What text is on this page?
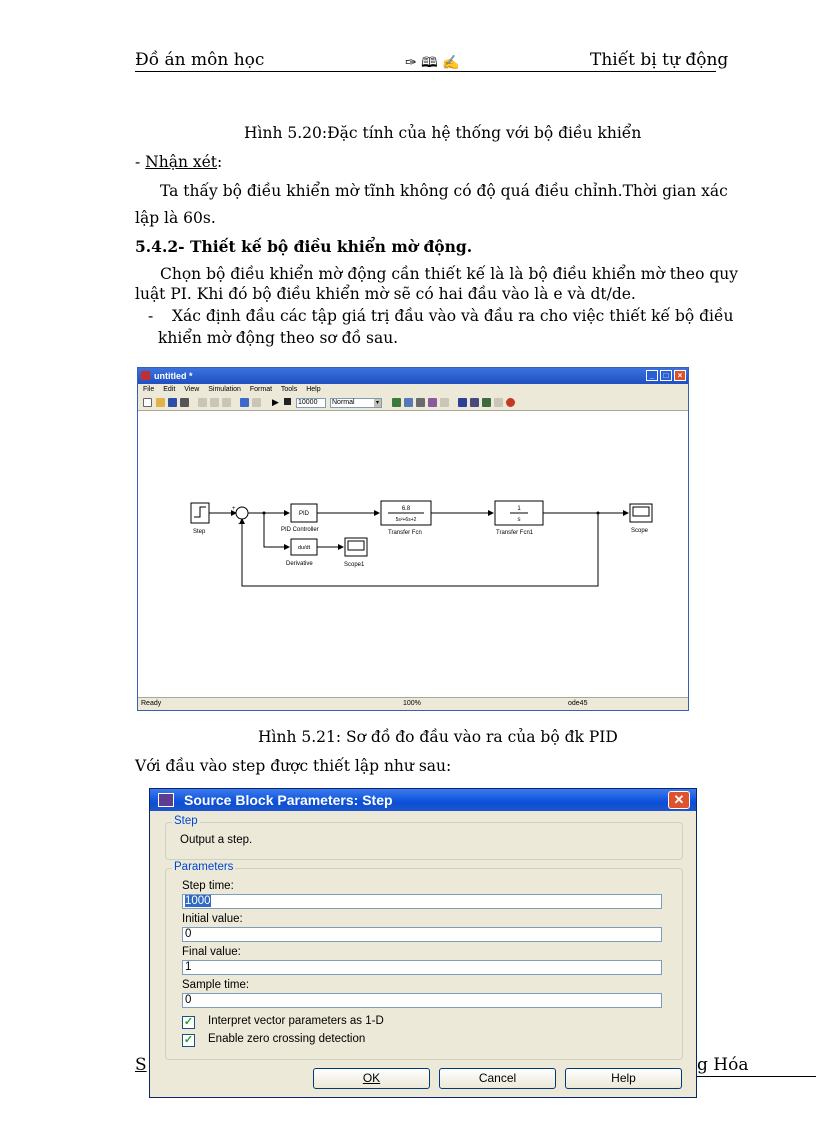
Đồ án môn học	✑ 🕮 ✍	Thiết bị tự động
Hình 5.20:Đặc tính của hệ thống với bộ điều khiển
- Nhận xét:
Ta thấy bộ điều khiển mờ tĩnh không có độ quá điều chỉnh.Thời gian xác
lập là 60s.
5.4.2- Thiết kế bộ điều khiển mờ động.
Chọn bộ điều khiển mờ động cần thiết kế là là bộ điều khiển mờ theo quy
luật PI. Khi đó bộ điều khiển mờ sẽ có hai đầu vào là e và dt/de.
- Xác định đầu các tập giá trị đầu vào và đầu ra cho việc thiết kế bộ điều
khiển mờ động theo sơ đồ sau.
untitled *	_	□	×
File Edit View Simulation Format Tools Help
▶	10000	Normal	▾
Step
+
-
PID
PID Controller
6.8
5s²+6s+2
Transfer Fcn
1
s
Transfer Fcn1	Scope
du/dt
Derivative	Scope1
Ready	100%	ode45
Hình 5.21: Sơ đồ đo đầu vào ra của bộ đk PID
Với đầu vào step được thiết lập như sau:
S	g Hóa
Source Block Parameters: Step	✕
Step
Output a step.
Parameters
Step time:
1000
Initial value:
0
Final value:
1
Sample time:
0
✓ Interpret vector parameters as 1-D
✓ Enable zero crossing detection
OK	Cancel	Help
